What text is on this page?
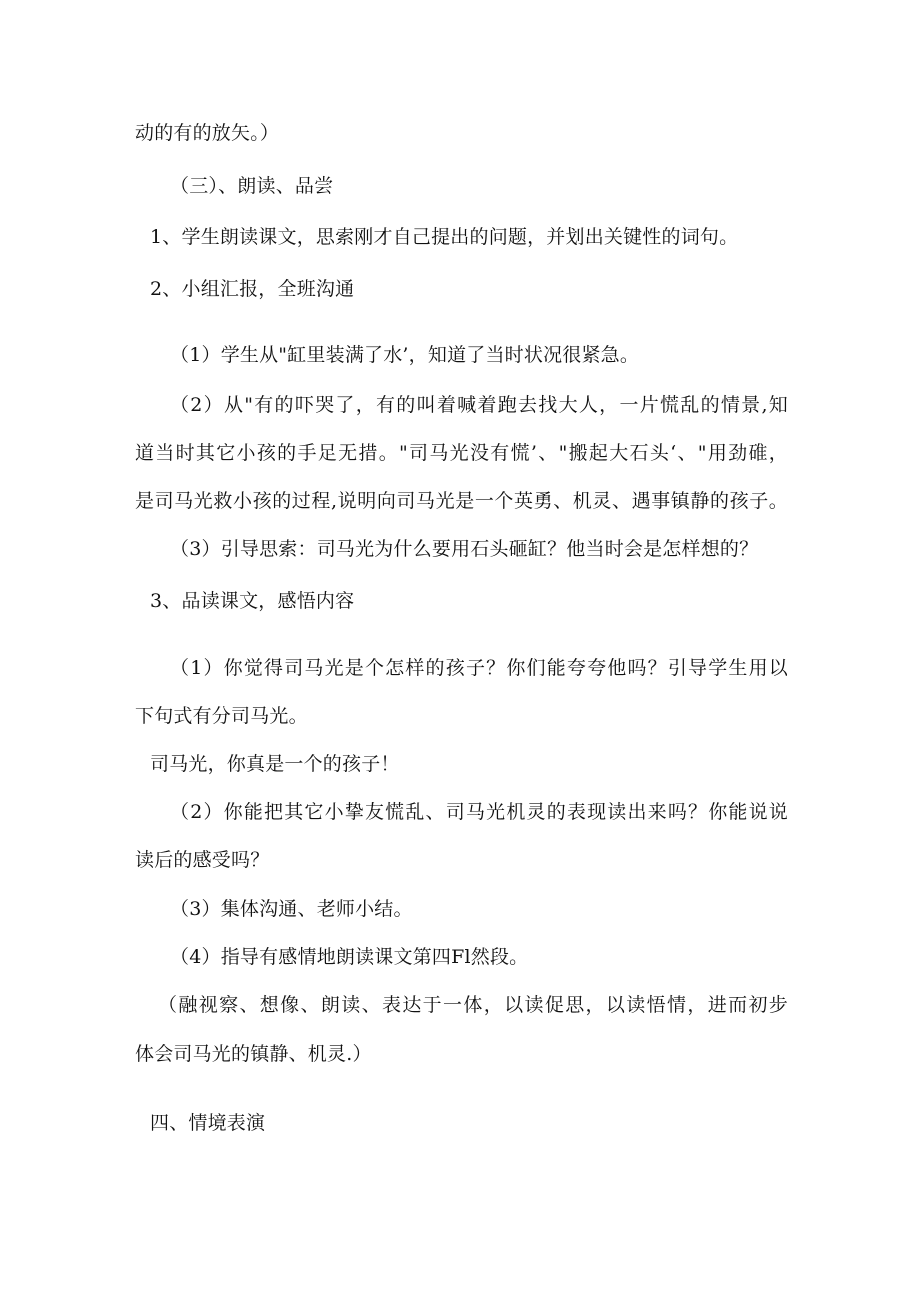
动的有的放矢。）
（三）、朗读、品尝
1、学生朗读课文，思索刚才自己提出的问题，并划出关键性的词句。
2、小组汇报，全班沟通
（1）学生从"缸里装满了水’，知道了当时状况很紧急。
（2）从"有的吓哭了，有的叫着喊着跑去找大人，一片慌乱的情景,知
道当时其它小孩的手足无措。"司马光没有慌’、"搬起大石头‘、"用劲碓，
是司马光救小孩的过程,说明向司马光是一个英勇、机灵、遇事镇静的孩子。
（3）引导思索：司马光为什么要用石头砸缸？他当时会是怎样想的？
3、品读课文，感悟内容
（1）你觉得司马光是个怎样的孩子？你们能夸夸他吗？引导学生用以
下句式有分司马光。
司马光，你真是一个的孩子！
（2）你能把其它小挚友慌乱、司马光机灵的表现读出来吗？你能说说
读后的感受吗？
（3）集体沟通、老师小结。
（4）指导有感情地朗读课文第四Fl然段。
（融视察、想像、朗读、表达于一体，以读促思，以读悟情，进而初步
体会司马光的镇静、机灵.）
四、情境表演
